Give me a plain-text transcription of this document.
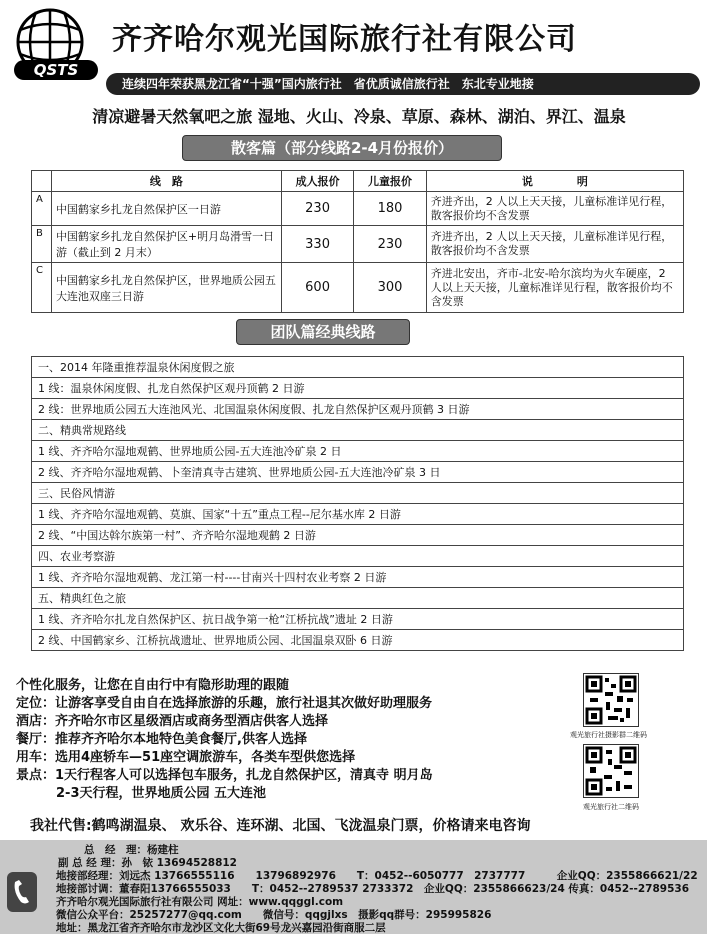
QSTS
齐齐哈尔观光国际旅行社有限公司
连续四年荣获黑龙江省“十强”国内旅行社　省优质诚信旅行社　东北专业地接
清凉避暑天然氧吧之旅 湿地、火山、冷泉、草原、森林、湖泊、界江、温泉
散客篇（部分线路2-4月份报价）
	线　路	成人报价	儿童报价	说　　　　明
A	中国鹤家乡扎龙自然保护区一日游	230	180	齐进齐出，2 人以上天天接，儿童标准详见行程，散客报价均不含发票
B	中国鹤家乡扎龙自然保护区+明月岛滑雪一日游（截止到 2 月末）	330	230	齐进齐出，2 人以上天天接，儿童标准详见行程，散客报价均不含发票
C	中国鹤家乡扎龙自然保护区，世界地质公园五大连池双座三日游	600	300	齐进北安出，齐市-北安-哈尔滨均为火车硬座，2 人以上天天接，儿童标准详见行程，散客报价均不含发票
团队篇经典线路
一、2014 年隆重推荐温泉休闲度假之旅
1 线：温泉休闲度假、扎龙自然保护区观丹顶鹤 2 日游
2 线：世界地质公园五大连池风光、北国温泉休闲度假、扎龙自然保护区观丹顶鹤 3 日游
二、精典常规路线
1 线、齐齐哈尔湿地观鹤、世界地质公园-五大连池冷矿泉 2 日
2 线、齐齐哈尔湿地观鹤、卜奎清真寺古建筑、世界地质公园-五大连池冷矿泉 3 日
三、民俗风情游
1 线、齐齐哈尔湿地观鹤、莫旗、国家“十五”重点工程--尼尔基水库 2 日游
2 线、“中国达斡尔族第一村”、齐齐哈尔湿地观鹤 2 日游
四、农业考察游
1 线、齐齐哈尔湿地观鹤、龙江第一村----甘南兴十四村农业考察 2 日游
五、精典红色之旅
1 线、齐齐哈尔扎龙自然保护区、抗日战争第一枪“江桥抗战”遗址 2 日游
2 线、中国鹤家乡、江桥抗战遗址、世界地质公园、北国温泉双卧 6 日游
个性化服务，让您在自由行中有隐形助理的跟随
定位：让游客享受自由自在选择旅游的乐趣，旅行社退其次做好助理服务
酒店：齐齐哈尔市区星级酒店或商务型酒店供客人选择
餐厅：推荐齐齐哈尔本地特色美食餐厅,供客人选择
用车：选用4座轿车—51座空调旅游车，各类车型供您选择
景点：1天行程客人可以选择包车服务，扎龙自然保护区，清真寺 明月岛
2-3天行程，世界地质公园 五大连池
观光旅行社摄影群二维码
观光旅行社二维码
我社代售:鹤鸣湖温泉、 欢乐谷、连环湖、北国、飞泷温泉门票，价格请来电咨询
总　经　理：杨建柱
副 总 经 理：孙　铱 13694528812
地接部经理：刘远杰 13766555116　　13796892976　　T：0452--6050777　2737777　　　企业QQ：2355866621/22
地接部讨调：董春阳13766555033　　T：0452--2789537 2733372　企业QQ：2355866623/24 传真：0452--2789536
齐齐哈尔观光国际旅行社有限公司 网址：www.qqggl.com
微信公众平台：25257277@qq.com　　微信号：qqgjlxs　摄影qq群号：295995826
地址：黑龙江省齐齐哈尔市龙沙区文化大街69号龙兴嘉园沿街商服二层
